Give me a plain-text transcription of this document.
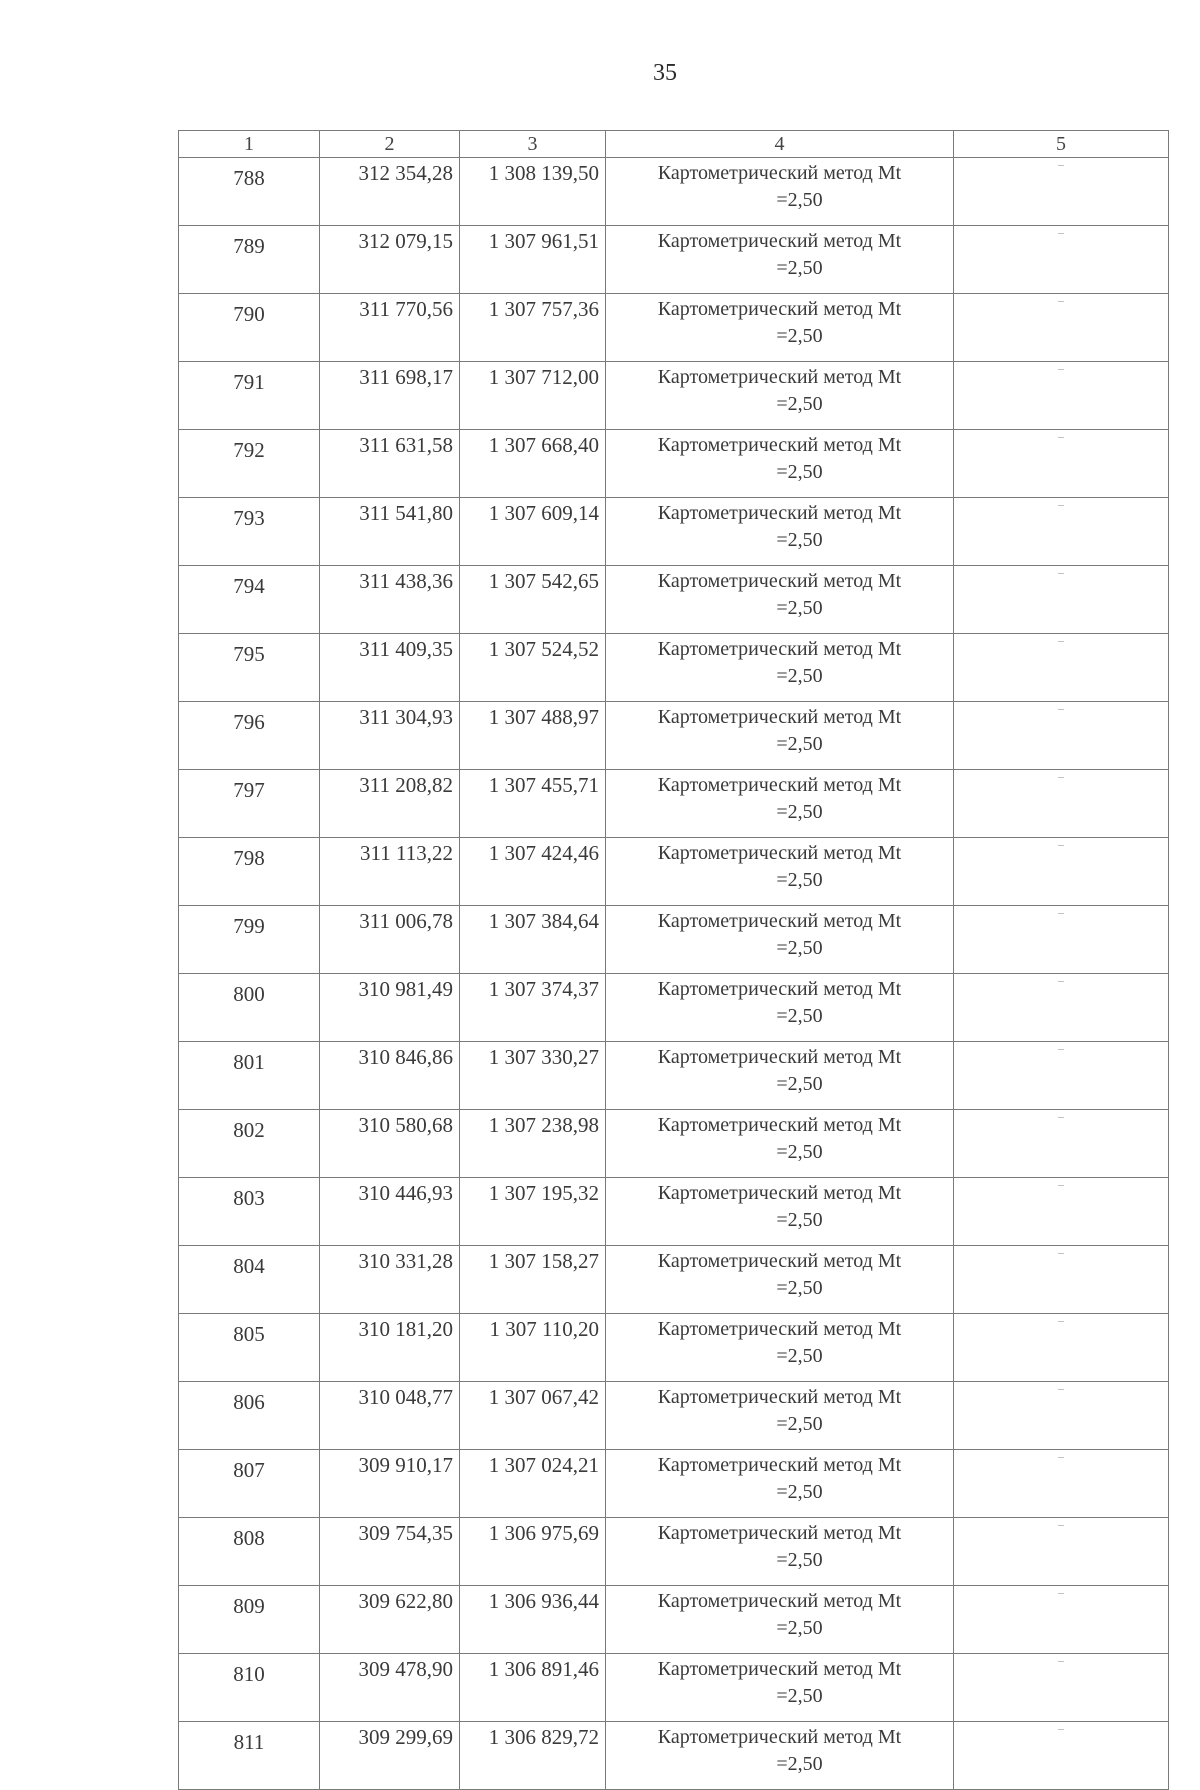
35
1	2	3	4	5
788	312 354,28	1 308 139,50	Картометрический метод Mt
=2,50	–
789	312 079,15	1 307 961,51	Картометрический метод Mt
=2,50	–
790	311 770,56	1 307 757,36	Картометрический метод Mt
=2,50	–
791	311 698,17	1 307 712,00	Картометрический метод Mt
=2,50	–
792	311 631,58	1 307 668,40	Картометрический метод Mt
=2,50	–
793	311 541,80	1 307 609,14	Картометрический метод Mt
=2,50	–
794	311 438,36	1 307 542,65	Картометрический метод Mt
=2,50	–
795	311 409,35	1 307 524,52	Картометрический метод Mt
=2,50	–
796	311 304,93	1 307 488,97	Картометрический метод Mt
=2,50	–
797	311 208,82	1 307 455,71	Картометрический метод Mt
=2,50	–
798	311 113,22	1 307 424,46	Картометрический метод Mt
=2,50	–
799	311 006,78	1 307 384,64	Картометрический метод Mt
=2,50	–
800	310 981,49	1 307 374,37	Картометрический метод Mt
=2,50	–
801	310 846,86	1 307 330,27	Картометрический метод Mt
=2,50	–
802	310 580,68	1 307 238,98	Картометрический метод Mt
=2,50	–
803	310 446,93	1 307 195,32	Картометрический метод Mt
=2,50	–
804	310 331,28	1 307 158,27	Картометрический метод Mt
=2,50	–
805	310 181,20	1 307 110,20	Картометрический метод Mt
=2,50	–
806	310 048,77	1 307 067,42	Картометрический метод Mt
=2,50	–
807	309 910,17	1 307 024,21	Картометрический метод Mt
=2,50	–
808	309 754,35	1 306 975,69	Картометрический метод Mt
=2,50	–
809	309 622,80	1 306 936,44	Картометрический метод Mt
=2,50	–
810	309 478,90	1 306 891,46	Картометрический метод Mt
=2,50	–
811	309 299,69	1 306 829,72	Картометрический метод Mt
=2,50	–
